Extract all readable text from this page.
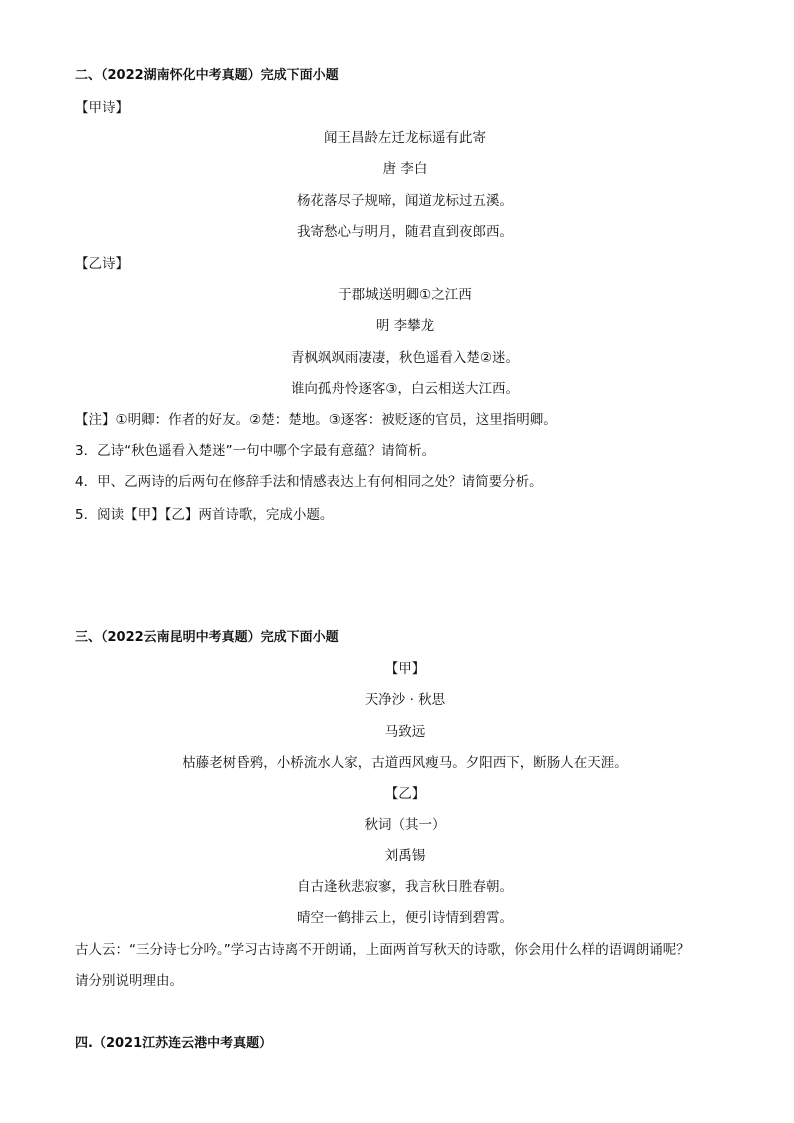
二、（2022湖南怀化中考真题）完成下面小题
【甲诗】
闻王昌龄左迁龙标遥有此寄
唐 李白
杨花落尽子规啼，闻道龙标过五溪。
我寄愁心与明月，随君直到夜郎西。
【乙诗】
于郡城送明卿①之江西
明 李攀龙
青枫飒飒雨凄凄，秋色遥看入楚②迷。
谁向孤舟怜逐客③，白云相送大江西。
【注】①明卿：作者的好友。②楚：楚地。③逐客：被贬逐的官员，这里指明卿。
3．乙诗“秋色遥看入楚迷”一句中哪个字最有意蕴？请简析。
4．甲、乙两诗的后两句在修辞手法和情感表达上有何相同之处？请简要分析。
5．阅读【甲】【乙】两首诗歌，完成小题。
三、（2022云南昆明中考真题）完成下面小题
【甲】
天净沙 · 秋思
马致远
枯藤老树昏鸦，小桥流水人家，古道西风瘦马。夕阳西下，断肠人在天涯。
【乙】
秋词（其一）
刘禹锡
自古逢秋悲寂寥，我言秋日胜春朝。
晴空一鹤排云上，便引诗情到碧霄。
古人云：“三分诗七分吟。”学习古诗离不开朗诵，上面两首写秋天的诗歌，你会用什么样的语调朗诵呢？
请分别说明理由。
四.（2021江苏连云港中考真题）
